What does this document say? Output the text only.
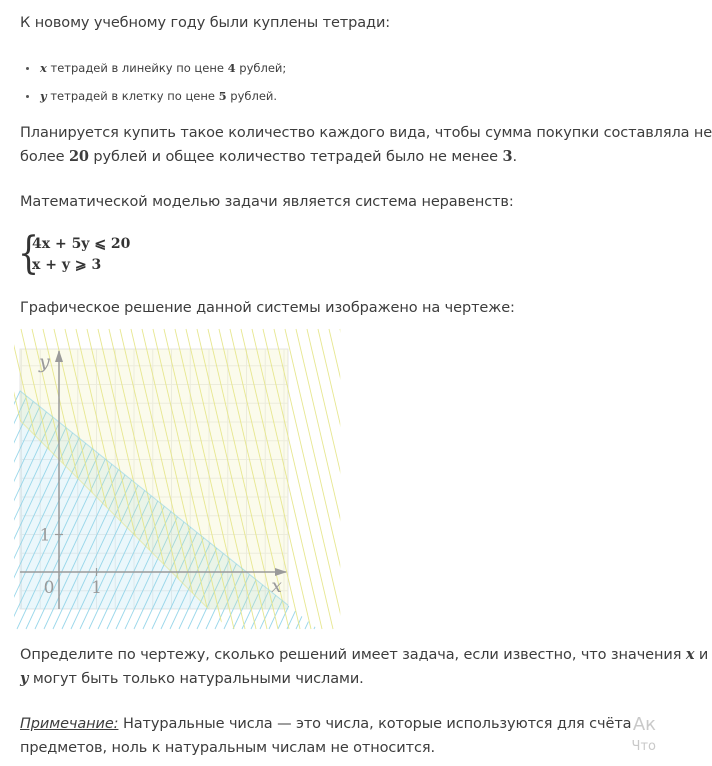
К новому учебному году были куплены тетради:

x тетрадей в линейку по цене 4 рублей;
y тетрадей в клетку по цене 5 рублей.

Планируется купить такое количество каждого вида, чтобы сумма покупки составляла не

более 20 рублей и общее количество тетрадей было не менее 3.

Математической моделью задачи является система неравенств:

{
4x + 5y ⩽ 20
x + y ⩾ 3

Графическое решение данной системы изображено на чертеже:

x
y
0 1
1

Определите по чертежу, сколько решений имеет задача, если известно, что значения x и

y могут быть только натуральными числами.

Примечание: Натуральные числа — это числа, которые используются для счёта

предметов, ноль к натуральным числам не относится.

Ак
Что
